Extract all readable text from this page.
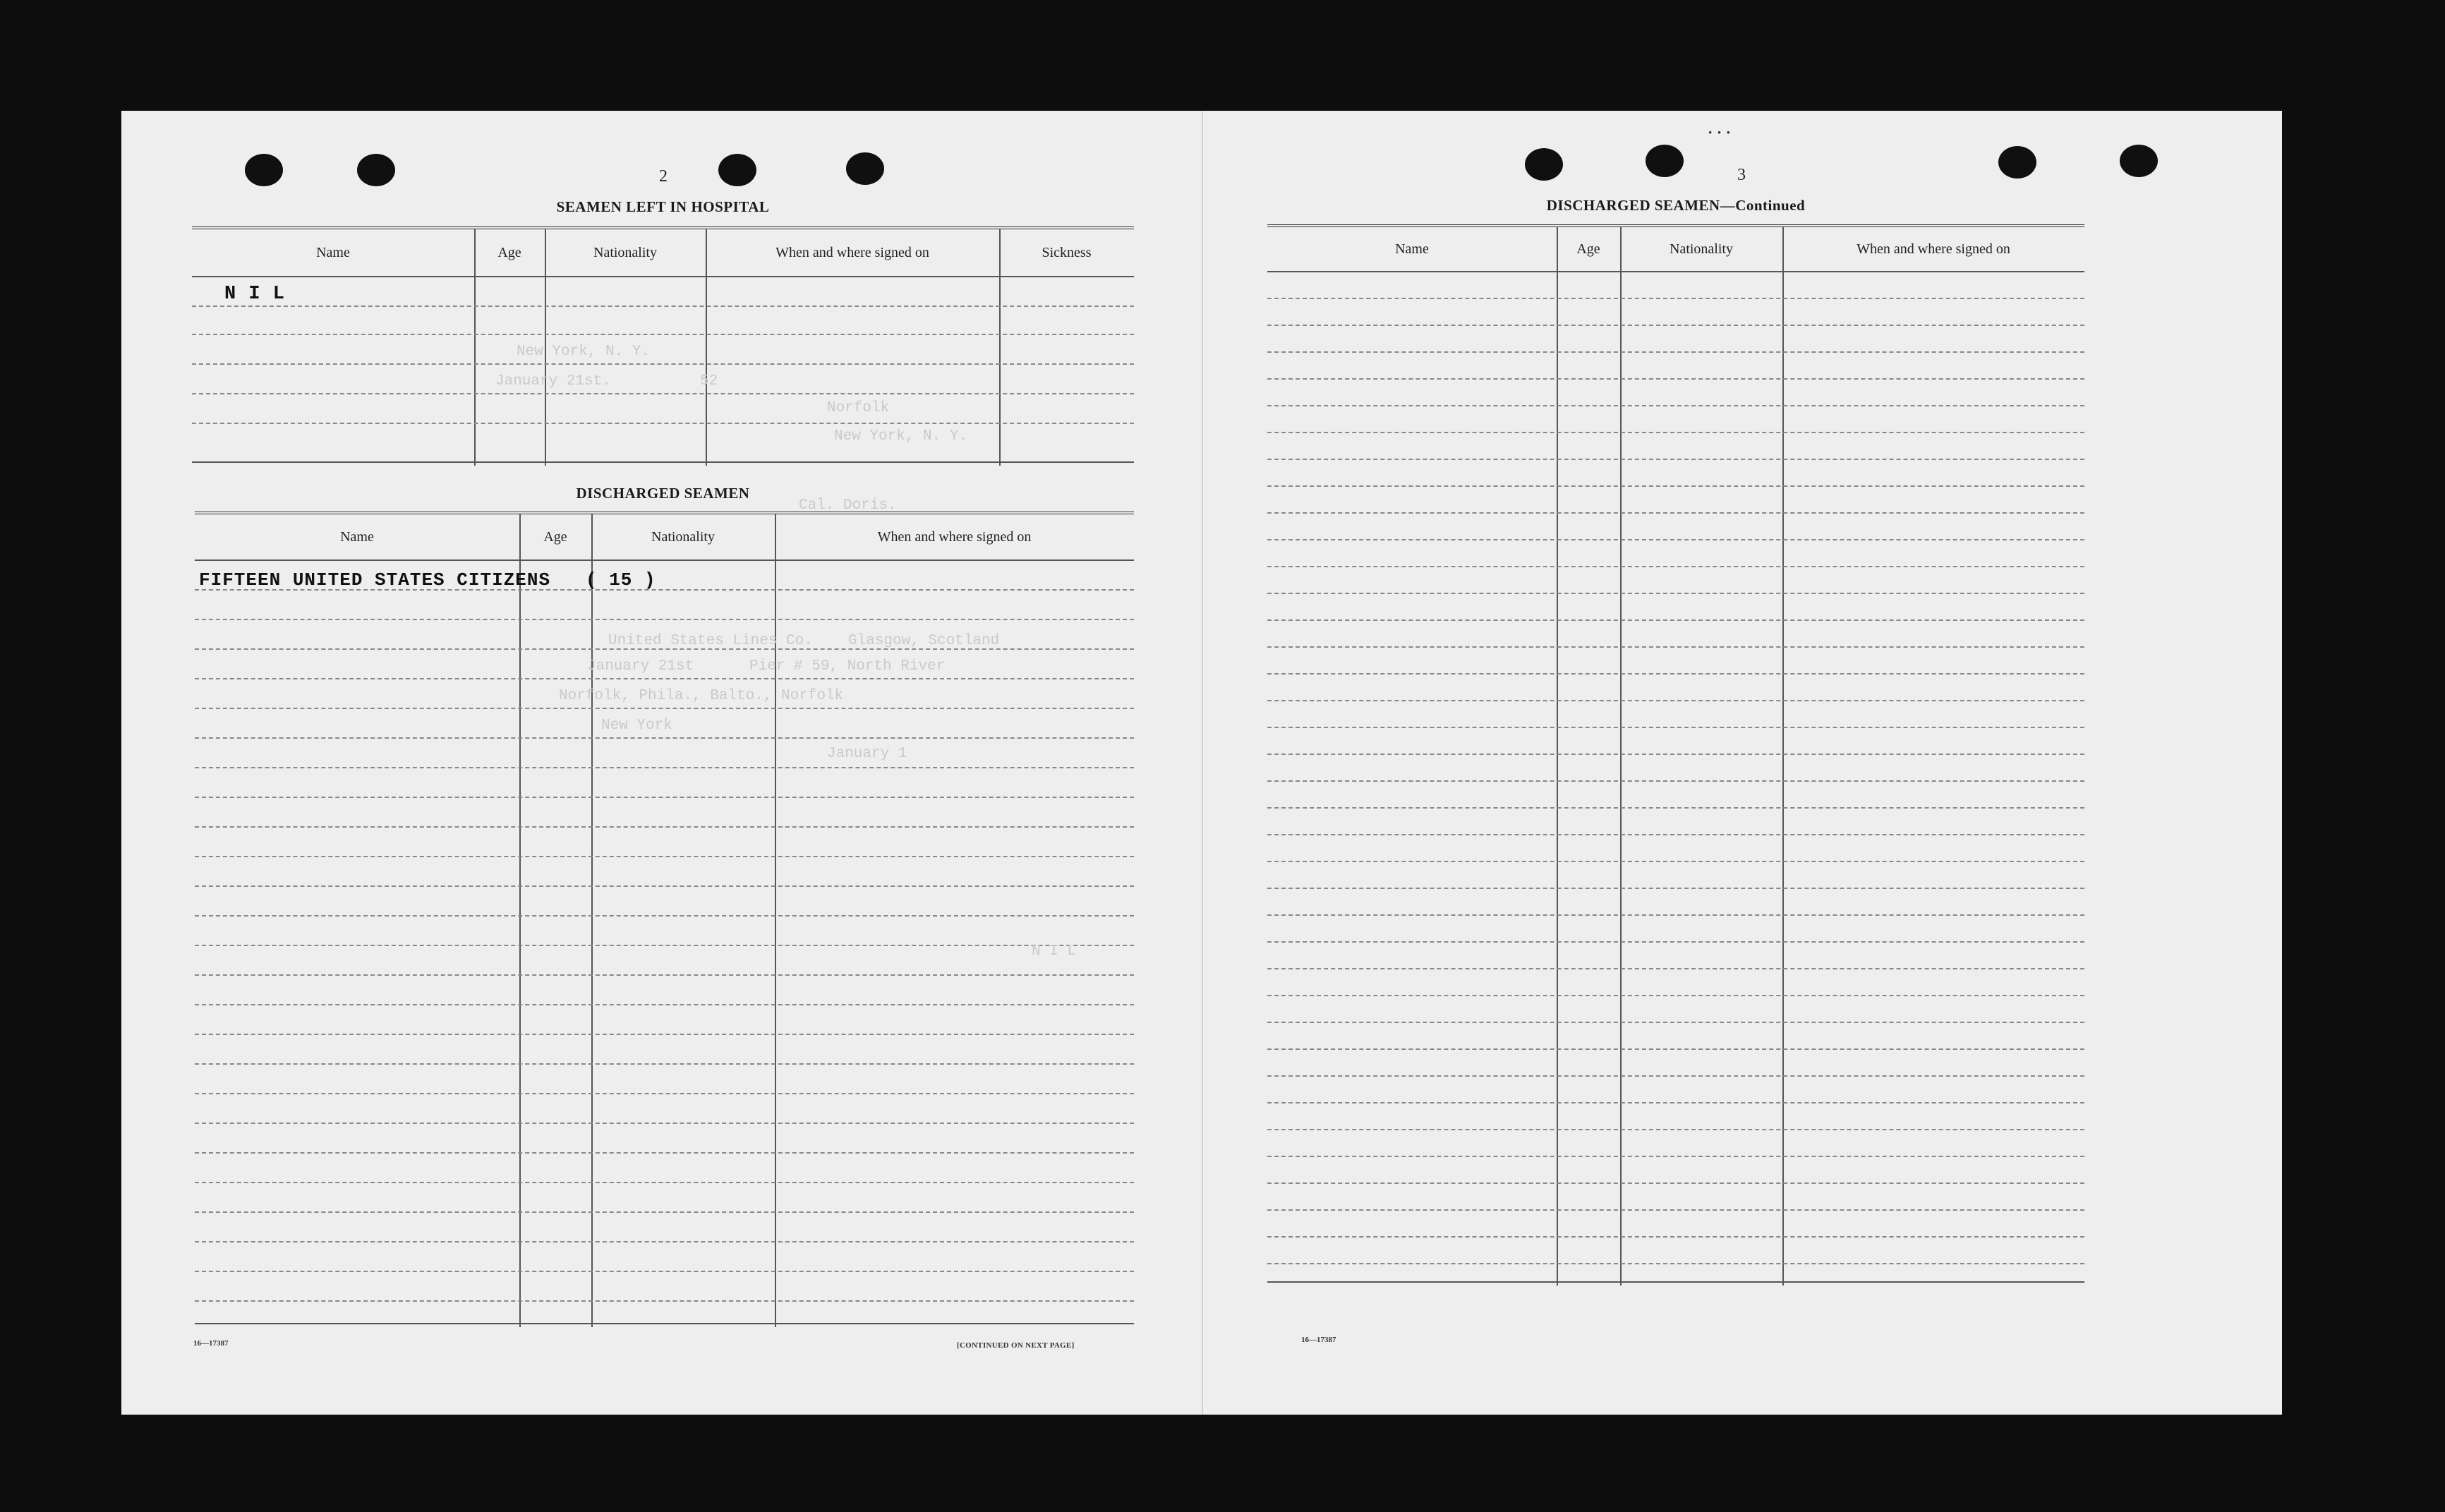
· · ·
2
SEAMEN LEFT IN HOSPITAL
Name	Age	Nationality	When and where signed on	Sickness
N I L
DISCHARGED SEAMEN
Name	Age	Nationality	When and where signed on
FIFTEEN UNITED STATES CITIZENS ( 15 )
16—17387	[CONTINUED ON NEXT PAGE]
New York, N. Y.
January 21st.	52
Norfolk
New York, N. Y.
Cal. Doris.
Glasgow, Scotland
United States Lines Co.
Pier # 59, North River
January 21st
Norfolk, Phila., Balto., Norfolk
New York
January 1
N I L
3
DISCHARGED SEAMEN—Continued
Name	Age	Nationality	When and where signed on
16—17387
